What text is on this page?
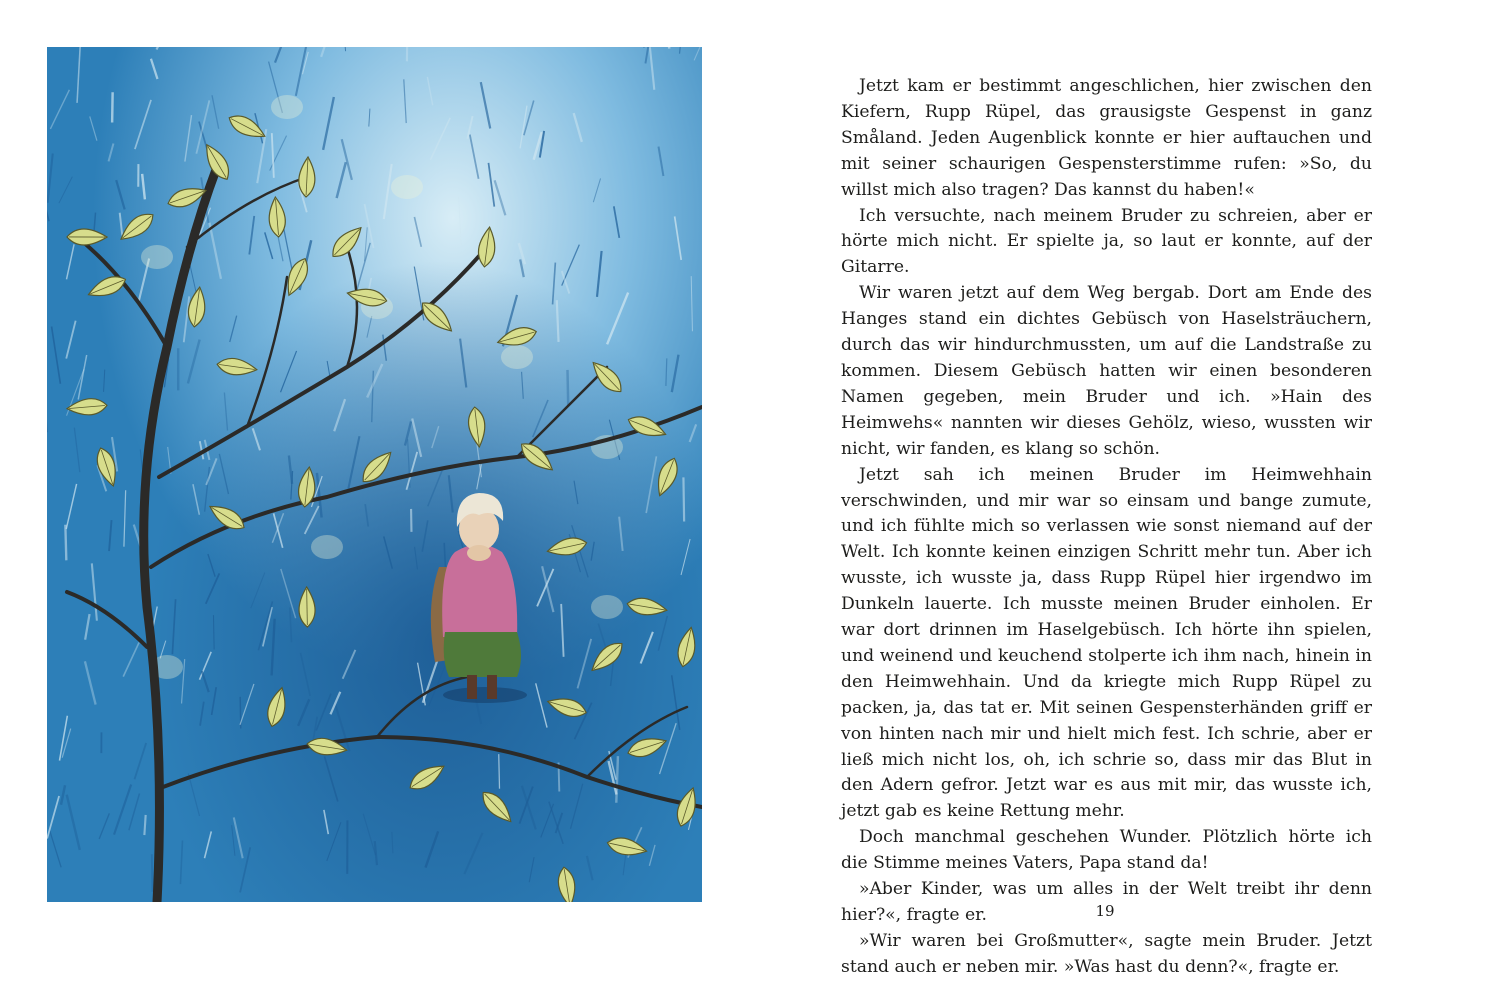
Jetzt kam er bestimmt angeschlichen, hier zwischen den Kiefern, Rupp Rüpel, das grausigste Gespenst in ganz Småland. Jeden Augenblick konnte er hier auftauchen und mit seiner schaurigen Gespensterstimme rufen: »So, du willst mich also tragen? Das kannst du haben!«

Ich versuchte, nach meinem Bruder zu schreien, aber er hörte mich nicht. Er spielte ja, so laut er konnte, auf der Gitarre.

Wir waren jetzt auf dem Weg bergab. Dort am Ende des Hanges stand ein dichtes Gebüsch von Haselsträuchern, durch das wir hindurchmussten, um auf die Landstraße zu kommen. Diesem Gebüsch hatten wir einen besonderen Namen gegeben, mein Bruder und ich. »Hain des Heimwehs« nannten wir dieses Gehölz, wieso, wussten wir nicht, wir fanden, es klang so schön.

Jetzt sah ich meinen Bruder im Heimwehhain verschwinden, und mir war so einsam und bange zumute, und ich fühlte mich so verlassen wie sonst niemand auf der Welt. Ich konnte keinen einzigen Schritt mehr tun. Aber ich wusste, ich wusste ja, dass Rupp Rüpel hier irgendwo im Dunkeln lauerte. Ich musste meinen Bruder einholen. Er war dort drinnen im Haselgebüsch. Ich hörte ihn spielen, und weinend und keuchend stolperte ich ihm nach, hinein in den Heimwehhain. Und da kriegte mich Rupp Rüpel zu packen, ja, das tat er. Mit seinen Gespensterhänden griff er von hinten nach mir und hielt mich fest. Ich schrie, aber er ließ mich nicht los, oh, ich schrie so, dass mir das Blut in den Adern gefror. Jetzt war es aus mit mir, das wusste ich, jetzt gab es keine Rettung mehr.

Doch manchmal geschehen Wunder. Plötzlich hörte ich die Stimme meines Vaters, Papa stand da!

»Aber Kinder, was um alles in der Welt treibt ihr denn hier?«, fragte er.

»Wir waren bei Großmutter«, sagte mein Bruder. Jetzt stand auch er neben mir. »Was hast du denn?«, fragte er.

19
